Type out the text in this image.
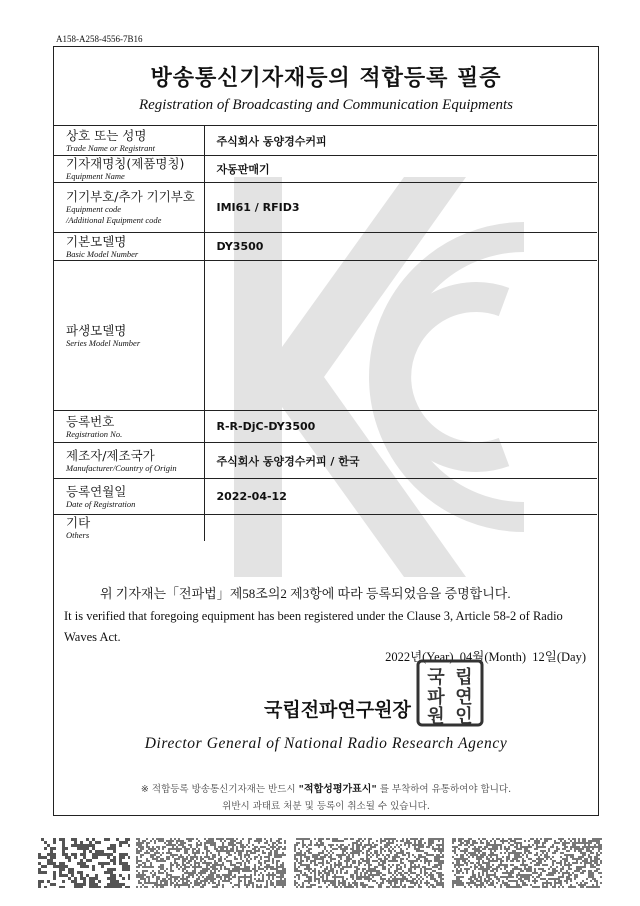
A158-A258-4556-7B16
방송통신기자재등의 적합등록 필증
Registration of Broadcasting and Communication Equipments
상호 또는 성명
Trade Name or Registrant	주식회사 동양경수커피

기자재명칭(제품명칭)
Equipment Name	자동판매기

기기부호/추가 기기부호
Equipment code
/Additional Equipment code	IMI61 / RFID3

기본모델명
Basic Model Number	DY3500

파생모델명
Series Model Number	

등록번호
Registration No.	R-R-DjC-DY3500

제조자/제조국가
Manufacturer/Country of Origin	주식회사 동양경수커피 / 한국

등록연월일
Date of Registration	2022-04-12

기타
Others	

위 기자재는「전파법」제58조의2 제3항에 따라 등록되었음을 증명합니다.
It is verified that foregoing equipment has been registered under the Clause 3, Article 58-2 of Radio Waves Act.
2022년(Year) 04월(Month) 12일(Day)
국립전파연구원장
국 립
파 연
원 인
Director General of National Radio Research Agency
※ 적합등록 방송통신기자재는 반드시 "적합성평가표시" 를 부착하여 유통하여야 합니다.
위반시 과태료 처분 및 등록이 취소될 수 있습니다.
